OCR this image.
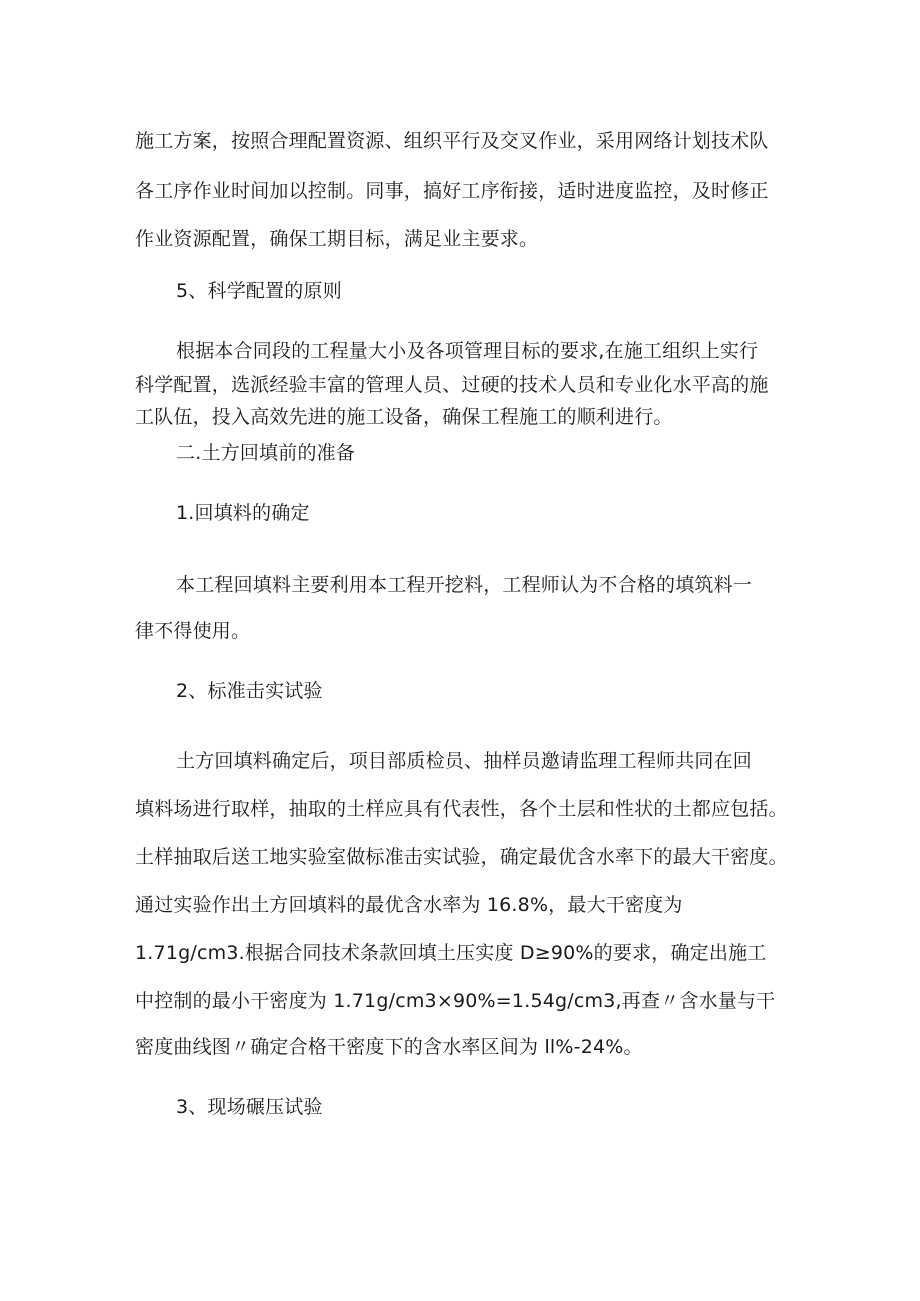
施工方案，按照合理配置资源、组织平行及交叉作业，采用网络计划技术队
各工序作业时间加以控制。同事，搞好工序衔接，适时进度监控，及时修正
作业资源配置，确保工期目标，满足业主要求。
5、科学配置的原则
根据本合同段的工程量大小及各项管理目标的要求,在施工组织上实行
科学配置，选派经验丰富的管理人员、过硬的技术人员和专业化水平高的施
工队伍，投入高效先进的施工设备，确保工程施工的顺利进行。
二.土方回填前的准备
1.回填料的确定
本工程回填料主要利用本工程开挖料，工程师认为不合格的填筑料一
律不得使用。
2、标准击实试验
土方回填料确定后，项目部质检员、抽样员邀请监理工程师共同在回
填料场进行取样，抽取的土样应具有代表性，各个土层和性状的土都应包括。
土样抽取后送工地实验室做标准击实试验，确定最优含水率下的最大干密度。
通过实验作出土方回填料的最优含水率为 16.8%，最大干密度为
1.71g∕cm3.根据合同技术条款回填土压实度 D≥90%的要求，确定出施工
中控制的最小干密度为 1.71g∕cm3×90%=1.54g∕cm3,再查〃含水量与干
密度曲线图〃确定合格干密度下的含水率区间为 ll%-24%。
3、现场碾压试验
